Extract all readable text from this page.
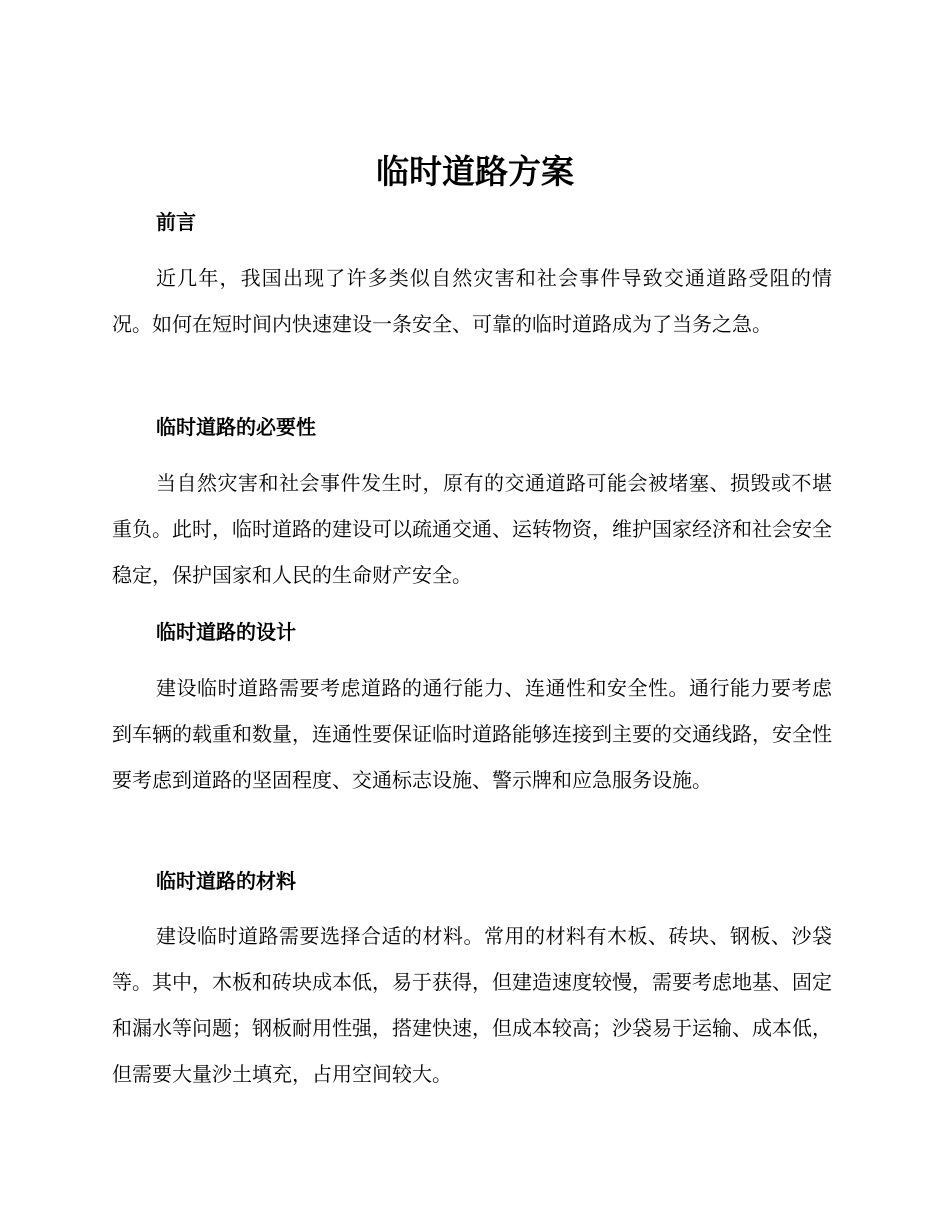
临时道路方案
前言

近几年，我国出现了许多类似自然灾害和社会事件导致交通道路受阻的情况。如何在短时间内快速建设一条安全、可靠的临时道路成为了当务之急。

临时道路的必要性

当自然灾害和社会事件发生时，原有的交通道路可能会被堵塞、损毁或不堪重负。此时，临时道路的建设可以疏通交通、运转物资，维护国家经济和社会安全稳定，保护国家和人民的生命财产安全。

临时道路的设计

建设临时道路需要考虑道路的通行能力、连通性和安全性。通行能力要考虑到车辆的载重和数量，连通性要保证临时道路能够连接到主要的交通线路，安全性要考虑到道路的坚固程度、交通标志设施、警示牌和应急服务设施。

临时道路的材料

建设临时道路需要选择合适的材料。常用的材料有木板、砖块、钢板、沙袋等。其中，木板和砖块成本低，易于获得，但建造速度较慢，需要考虑地基、固定和漏水等问题；钢板耐用性强，搭建快速，但成本较高；沙袋易于运输、成本低，但需要大量沙土填充，占用空间较大。
